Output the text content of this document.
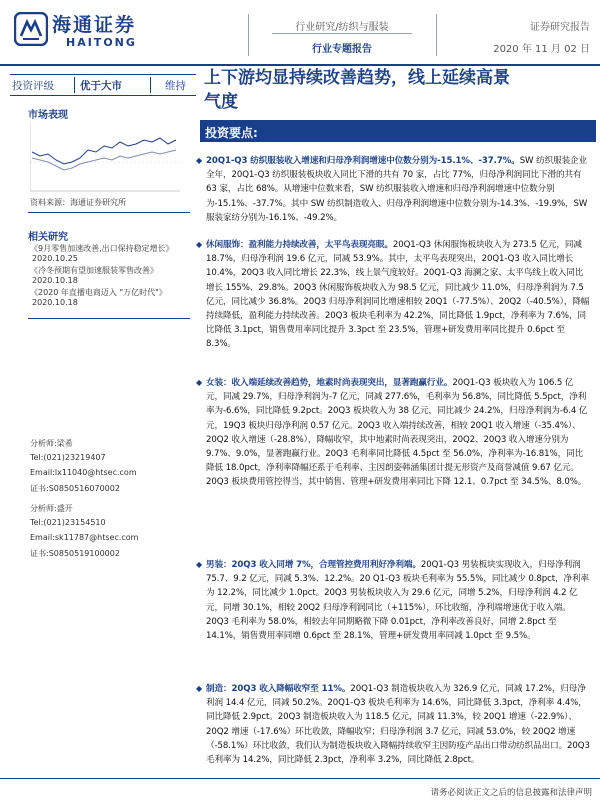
海通证券
HAITONG
行业研究/纺织与服装
行业专题报告
证券研究报告
2020 年 11 月 02 日
投资评级 优于大市	维持
市场表现
资料来源：海通证券研究所
相关研究
《9月零售加速改善,出口保持稳定增长》
2020.10.25
《冷冬预期有望加速服装零售改善》
2020.10.18
《2020 年直播电商迈入 "万亿时代"》
2020.10.18
分析师:梁希
Tel:(021)23219407
Email:lx11040@htsec.com
证书:S0850516070002
分析师:盛开
Tel:(021)23154510
Email:sk11787@htsec.com
证书:S0850519100002
上下游均显持续改善趋势，线上延续高景
气度
投资要点:
◆ 20Q1-Q3 纺织服装收入增速和归母净利润增速中位数分别为-15.1%、-37.7%。SW 纺织服装企业全年，20Q1-Q3 纺织服装板块收入同比下滑的共有 70 家，占比 77%，归母净利润同比下滑的共有 63 家，占比 68%。从增速中位数来看，SW 纺织服装收入增速和归母净利润增速中位数分别为-15.1%、-37.7%。其中 SW 纺织制造收入、归母净利润增速中位数分别为-14.3%、-19.9%，SW 服装家纺分别为-16.1%、-49.2%。

◆ 休闲服饰：盈利能力持续改善，太平鸟表现亮眼。20Q1-Q3 休闲服饰板块收入为 273.5 亿元，同减 18.7%，归母净利润 19.6 亿元，同减 53.9%。其中，太平鸟表现突出，20Q1-Q3 收入同比增长 10.4%，20Q3 收入同比增长 22.3%，线上景气度较好。20Q1-Q3 海澜之家、太平鸟线上收入同比增长 155%、29.8%。20Q3 休闲服饰板块收入为 98.5 亿元，同比减少 11.0%，归母净利润为 7.5 亿元，同比减少 36.8%。20Q3 归母净利润同比增速相较 20Q1（-77.5%）、20Q2（-40.5%），降幅持续降低，盈利能力持续改善。20Q3 板块毛利率为 42.2%，同比降低 1.9pct，净利率为 7.6%，同比降低 3.1pct，销售费用率同比提升 3.3pct 至 23.5%，管理+研发费用率同比提升 0.6pct 至 8.3%。

◆ 女装：收入端延续改善趋势，地素时尚表现突出，显著跑赢行业。20Q1-Q3 板块收入为 106.5 亿元，同减 29.7%，归母净利润为-7 亿元，同减 277.6%，毛利率为 56.8%，同比降低 5.5pct，净利率为-6.6%，同比降低 9.2pct。20Q3 板块收入为 38 亿元，同比减少 24.2%，归母净利润为-6.4 亿元，19Q3 板块归母净利润 0.57 亿元。20Q3 收入端持续改善，相较 20Q1 收入增速（-35.4%）、20Q2 收入增速（-28.8%），降幅收窄，其中地素时尚表现突出，20Q2、20Q3 收入增速分别为 9.7%、9.0%，显著跑赢行业。20Q3 毛利率同比降低 4.5pct 至 56.0%，净利率为-16.81%，同比降低 18.0pct，净利率降幅还系于毛利率、主因朗姿韩涵集团计提无形资产及商誉减值 9.67 亿元。20Q3 板块费用管控得当，其中销售、管理+研发费用率同比下降 12.1、0.7pct 至 34.5%、8.0%。

◆ 男装：20Q3 收入同增 7%，合理管控费用利好净利端。20Q1-Q3 男装板块实现收入，归母净利润 75.7、9.2 亿元，同减 5.3%、12.2%。20 Q1-Q3 板块毛利率为 55.5%，同比减少 0.8pct，净利率为 12.2%，同比减少 1.0pct。20Q3 男装板块收入为 29.6 亿元，同增 5.2%，归母净利润 4.2 亿元，同增 30.1%，相较 20Q2 归母净利润同比（+115%），环比收缩，净利端增速优于收入端。20Q3 毛利率为 58.0%，相较去年同期略微下降 0.01pct，净利率改善良好，同增 2.8pct 至 14.1%，销售费用率同增 0.6pct 至 28.1%，管理+研发费用率同减 1.0pct 至 9.5%。

◆ 制造：20Q3 收入降幅收窄至 11%。20Q1-Q3 制造板块收入为 326.9 亿元，同减 17.2%，归母净利润 14.4 亿元，同减 50.2%。20Q1-Q3 板块毛利率为 14.6%，同比降低 3.3pct，净利率 4.4%，同比降低 2.9pct。20Q3 制造板块收入为 118.5 亿元，同减 11.3%，较 20Q1 增速（-22.9%）、20Q2 增速（-17.6%）环比收敛，降幅收窄；归母净利润 3.7 亿元，同减 53.0%，较 20Q2 增速（-58.1%）环比收敛，我们认为制造板块收入降幅持续收窄主因防疫产品出口带动纺织品出口。20Q3 毛利率为 14.2%，同比降低 2.3pct，净利率 3.2%，同比降低 2.8pct。

请务必阅读正文之后的信息披露和法律声明
